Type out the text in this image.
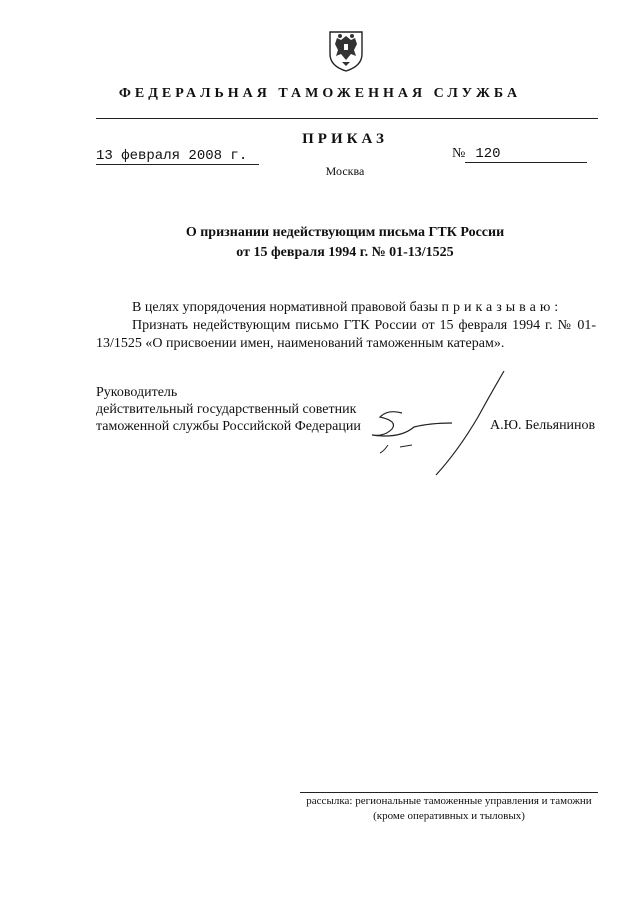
ФЕДЕРАЛЬНАЯ ТАМОЖЕННАЯ СЛУЖБА
ПРИКАЗ
13 февраля 2008 г.	№ 120
Москва
О признании недействующим письма ГТК России
от 15 февраля 1994 г. № 01-13/1525

В целях упорядочения нормативной правовой базы приказываю:

Признать недействующим письмо ГТК России от 15 февраля 1994 г. № 01-13/1525 «О присвоении имен, наименований таможенным катерам».

Руководитель
действительный государственный советник
таможенной службы Российской Федерации	А.Ю. Бельянинов
рассылка: региональные таможенные управления и таможни
(кроме оперативных и тыловых)
